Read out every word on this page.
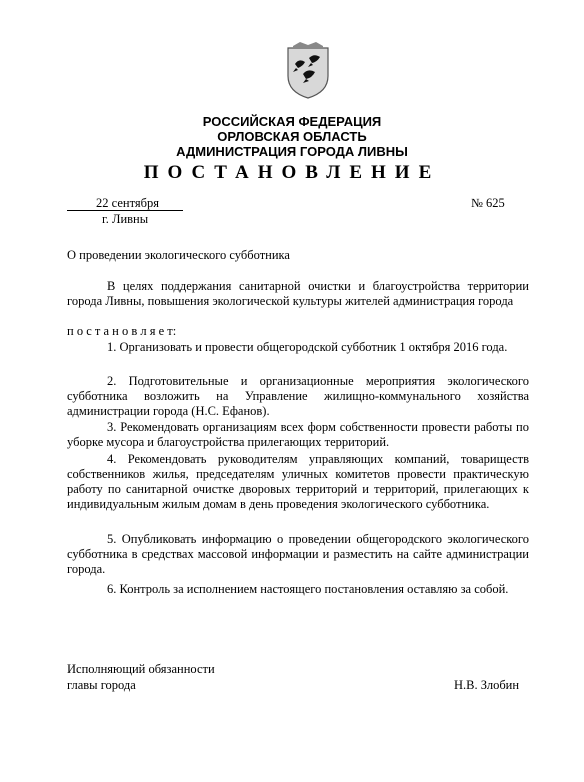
РОССИЙСКАЯ ФЕДЕРАЦИЯ
ОРЛОВСКАЯ ОБЛАСТЬ
АДМИНИСТРАЦИЯ ГОРОДА ЛИВНЫ
ПОСТАНОВЛЕНИЕ
22 сентября	№ 625
г. Ливны
О проведении экологического субботника
В целях поддержания санитарной очистки и благоустройства территории города Ливны, повышения экологической культуры жителей администрация города
п о с т а н о в л я е т:
1. Организовать и провести общегородской субботник 1 октября 2016 года.
2. Подготовительные и организационные мероприятия экологического субботника возложить на Управление жилищно-коммунального хозяйства администрации города (Н.С. Ефанов).
3. Рекомендовать организациям всех форм собственности провести работы по уборке мусора и благоустройства прилегающих территорий.
4. Рекомендовать руководителям управляющих компаний, товариществ собственников жилья, председателям уличных комитетов провести практическую работу по санитарной очистке дворовых территорий и территорий, прилегающих к индивидуальным жилым домам в день проведения экологического субботника.
5. Опубликовать информацию о проведении общегородского экологического субботника в средствах массовой информации и разместить на сайте администрации города.
6. Контроль за исполнением настоящего постановления оставляю за собой.
Исполняющий обязанности
главы города	Н.В. Злобин
